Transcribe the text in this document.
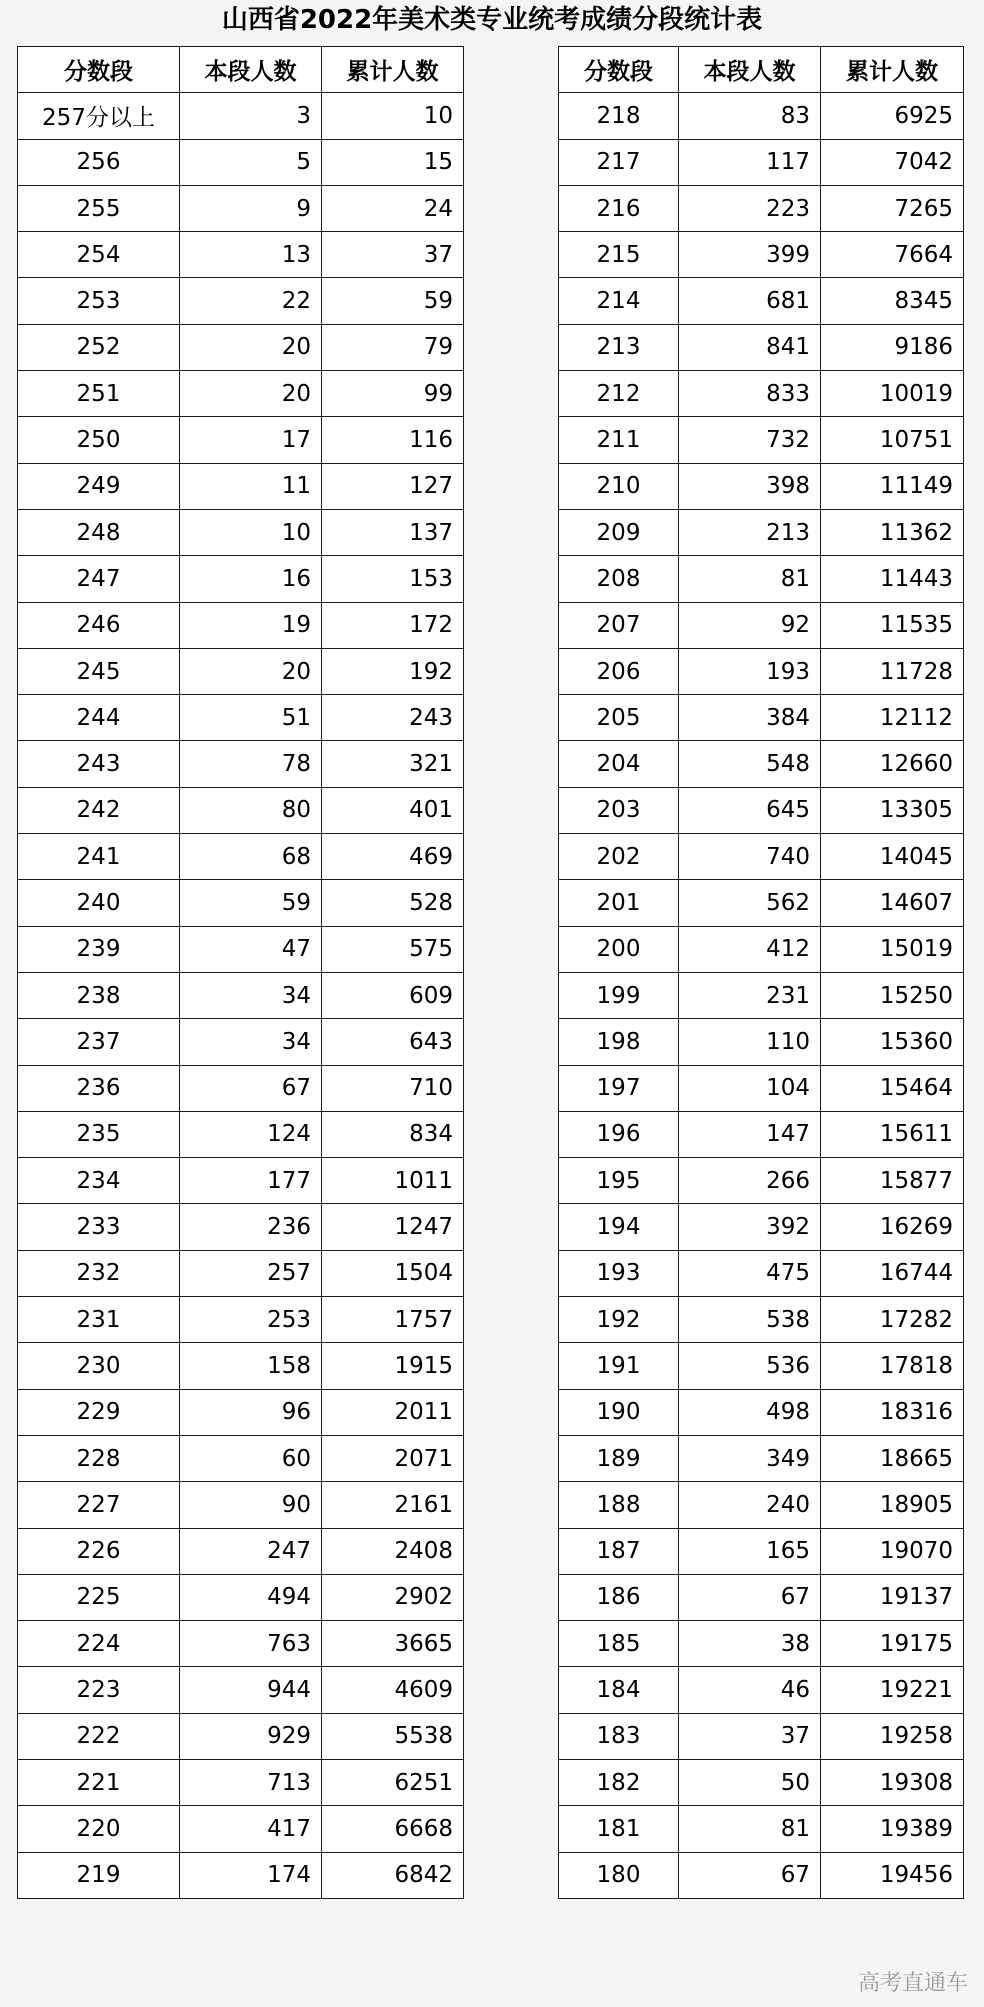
山西省2022年美术类专业统考成绩分段统计表
分数段	本段人数	累计人数
257分以上	3	10
256	5	15
255	9	24
254	13	37
253	22	59
252	20	79
251	20	99
250	17	116
249	11	127
248	10	137
247	16	153
246	19	172
245	20	192
244	51	243
243	78	321
242	80	401
241	68	469
240	59	528
239	47	575
238	34	609
237	34	643
236	67	710
235	124	834
234	177	1011
233	236	1247
232	257	1504
231	253	1757
230	158	1915
229	96	2011
228	60	2071
227	90	2161
226	247	2408
225	494	2902
224	763	3665
223	944	4609
222	929	5538
221	713	6251
220	417	6668
219	174	6842
分数段	本段人数	累计人数
218	83	6925
217	117	7042
216	223	7265
215	399	7664
214	681	8345
213	841	9186
212	833	10019
211	732	10751
210	398	11149
209	213	11362
208	81	11443
207	92	11535
206	193	11728
205	384	12112
204	548	12660
203	645	13305
202	740	14045
201	562	14607
200	412	15019
199	231	15250
198	110	15360
197	104	15464
196	147	15611
195	266	15877
194	392	16269
193	475	16744
192	538	17282
191	536	17818
190	498	18316
189	349	18665
188	240	18905
187	165	19070
186	67	19137
185	38	19175
184	46	19221
183	37	19258
182	50	19308
181	81	19389
180	67	19456
高考直通车
